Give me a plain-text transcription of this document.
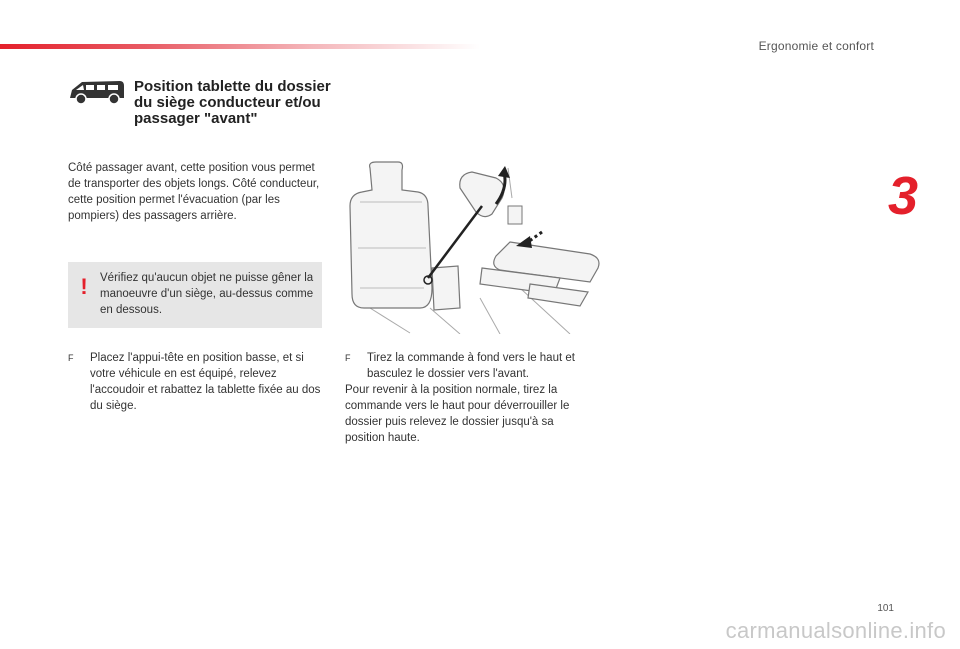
Ergonomie et confort
3
Position tablette du dossier du siège conducteur et/ou passager "avant"
Côté passager avant, cette position vous permet de transporter des objets longs. Côté conducteur, cette position permet l'évacuation (par les pompiers) des passagers arrière.
! Vérifiez qu'aucun objet ne puisse gêner la manoeuvre d'un siège, au-dessus comme en dessous.
F	Placez l'appui-tête en position basse, et si votre véhicule en est équipé, relevez l'accoudoir et rabattez la tablette fixée au dos du siège.
F	Tirez la commande à fond vers le haut et basculez le dossier vers l'avant.
Pour revenir à la position normale, tirez la commande vers le haut pour déverrouiller le dossier puis relevez le dossier jusqu'à sa position haute.
101
carmanualsonline.info
